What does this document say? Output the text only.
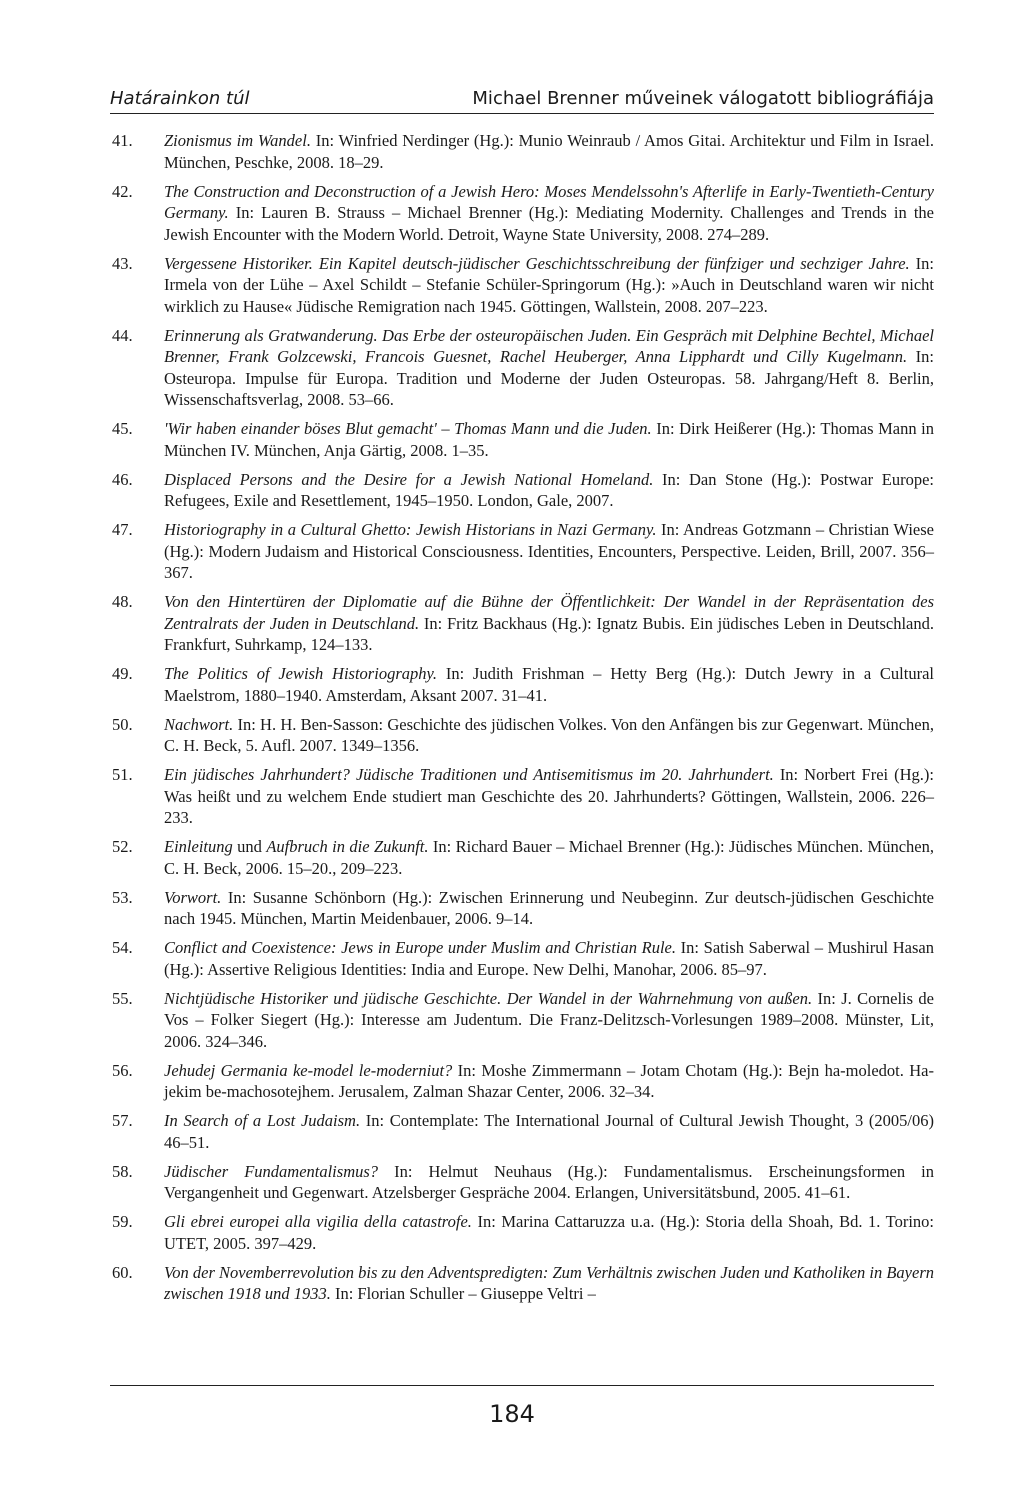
Határainkon túl	Michael Brenner műveinek válogatott bibliográfiája
41.	Zionismus im Wandel. In: Winfried Nerdinger (Hg.): Munio Weinraub / Amos Gitai. Architektur und Film in Israel. München, Peschke, 2008. 18–29.
42.	The Construction and Deconstruction of a Jewish Hero: Moses Mendelssohn's Afterlife in Early-Twentieth-Century Germany. In: Lauren B. Strauss – Michael Brenner (Hg.): Mediating Modernity. Challenges and Trends in the Jewish Encounter with the Modern World. Detroit, Wayne State University, 2008. 274–289.
43.	Vergessene Historiker. Ein Kapitel deutsch-jüdischer Geschichtsschreibung der fünfziger und sechziger Jahre. In: Irmela von der Lühe – Axel Schildt – Stefanie Schüler-Springorum (Hg.): »Auch in Deutschland waren wir nicht wirklich zu Hause« Jüdische Remigration nach 1945. Göttingen, Wallstein, 2008. 207–223.
44.	Erinnerung als Gratwanderung. Das Erbe der osteuropäischen Juden. Ein Gespräch mit Delphine Bechtel, Michael Brenner, Frank Golzcewski, Francois Guesnet, Rachel Heuberger, Anna Lipphardt und Cilly Kugelmann. In: Osteuropa. Impulse für Europa. Tradition und Moderne der Juden Osteuropas. 58. Jahrgang/Heft 8. Berlin, Wissenschaftsverlag, 2008. 53–66.
45.	'Wir haben einander böses Blut gemacht' – Thomas Mann und die Juden. In: Dirk Heißerer (Hg.): Thomas Mann in München IV. München, Anja Gärtig, 2008. 1–35.
46.	Displaced Persons and the Desire for a Jewish National Homeland. In: Dan Stone (Hg.): Postwar Europe: Refugees, Exile and Resettlement, 1945–1950. London, Gale, 2007.
47.	Historiography in a Cultural Ghetto: Jewish Historians in Nazi Germany. In: Andreas Gotzmann – Christian Wiese (Hg.): Modern Judaism and Historical Consciousness. Identities, Encounters, Perspective. Leiden, Brill, 2007. 356–367.
48.	Von den Hintertüren der Diplomatie auf die Bühne der Öffentlichkeit: Der Wandel in der Repräsentation des Zentralrats der Juden in Deutschland. In: Fritz Backhaus (Hg.): Ignatz Bubis. Ein jüdisches Leben in Deutschland. Frankfurt, Suhrkamp, 124–133.
49.	The Politics of Jewish Historiography. In: Judith Frishman – Hetty Berg (Hg.): Dutch Jewry in a Cultural Maelstrom, 1880–1940. Amsterdam, Aksant 2007. 31–41.
50.	Nachwort. In: H. H. Ben-Sasson: Geschichte des jüdischen Volkes. Von den Anfängen bis zur Gegenwart. München, C. H. Beck, 5. Aufl. 2007. 1349–1356.
51.	Ein jüdisches Jahrhundert? Jüdische Traditionen und Antisemitismus im 20. Jahrhundert. In: Norbert Frei (Hg.): Was heißt und zu welchem Ende studiert man Geschichte des 20. Jahrhunderts? Göttingen, Wallstein, 2006. 226–233.
52.	Einleitung und Aufbruch in die Zukunft. In: Richard Bauer – Michael Brenner (Hg.): Jüdisches München. München, C. H. Beck, 2006. 15–20., 209–223.
53.	Vorwort. In: Susanne Schönborn (Hg.): Zwischen Erinnerung und Neubeginn. Zur deutsch-jüdischen Geschichte nach 1945. München, Martin Meidenbauer, 2006. 9–14.
54.	Conflict and Coexistence: Jews in Europe under Muslim and Christian Rule. In: Satish Saberwal – Mushirul Hasan (Hg.): Assertive Religious Identities: India and Europe. New Delhi, Manohar, 2006. 85–97.
55.	Nichtjüdische Historiker und jüdische Geschichte. Der Wandel in der Wahrnehmung von außen. In: J. Cornelis de Vos – Folker Siegert (Hg.): Interesse am Judentum. Die Franz-Delitzsch-Vorlesungen 1989–2008. Münster, Lit, 2006. 324–346.
56.	Jehudej Germania ke-model le-moderniut? In: Moshe Zimmermann – Jotam Chotam (Hg.): Bejn ha-moledot. Ha-jekim be-machosotejhem. Jerusalem, Zalman Shazar Center, 2006. 32–34.
57.	In Search of a Lost Judaism. In: Contemplate: The International Journal of Cultural Jewish Thought, 3 (2005/06) 46–51.
58.	Jüdischer Fundamentalismus? In: Helmut Neuhaus (Hg.): Fundamentalismus. Erscheinungsformen in Vergangenheit und Gegenwart. Atzelsberger Gespräche 2004. Erlangen, Universitätsbund, 2005. 41–61.
59.	Gli ebrei europei alla vigilia della catastrofe. In: Marina Cattaruzza u.a. (Hg.): Storia della Shoah, Bd. 1. Torino: UTET, 2005. 397–429.
60.	Von der Novemberrevolution bis zu den Adventspredigten: Zum Verhältnis zwischen Juden und Katholiken in Bayern zwischen 1918 und 1933. In: Florian Schuller – Giuseppe Veltri –
184
